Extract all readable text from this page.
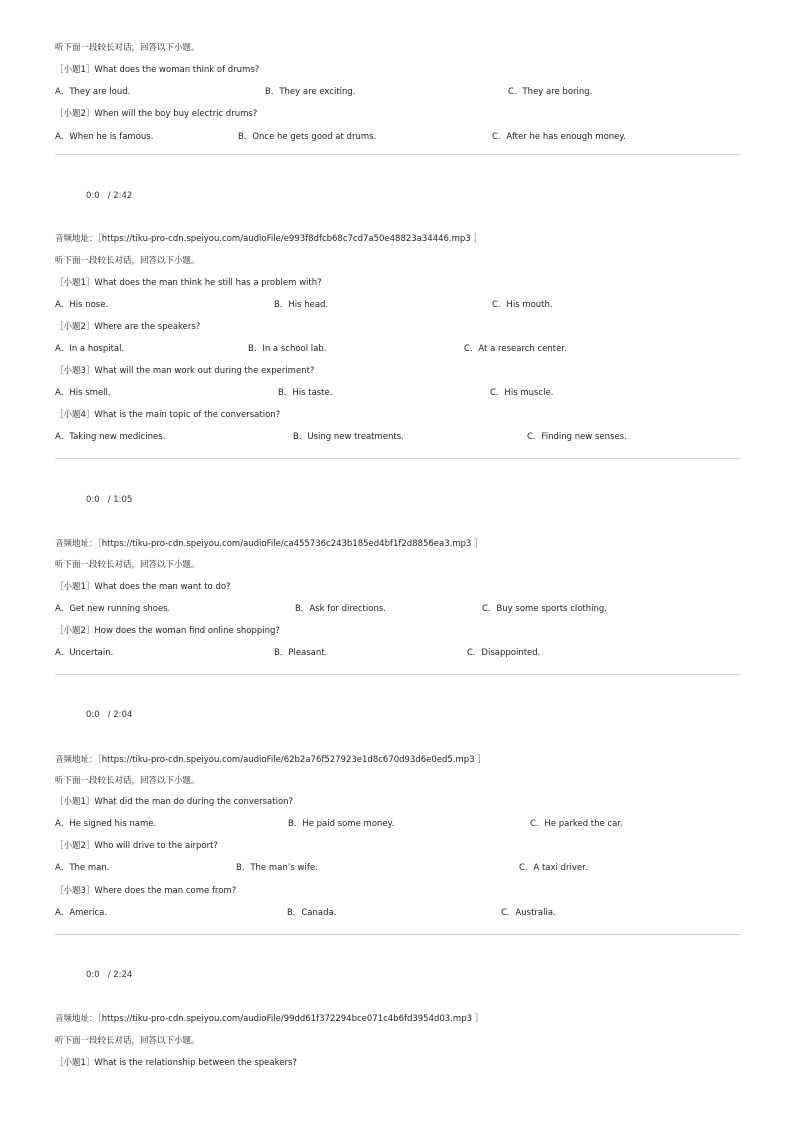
听下面一段较长对话，回答以下小题。
［小题1］What does the woman think of drums?
A．They are loud.	B．They are exciting.	C．They are boring.
［小题2］When will the boy buy electric drums?
A．When he is famous.	B．Once he gets good at drums.	C．After he has enough money.
0:0 / 2:42
音频地址：［https://tiku-pro-cdn.speiyou.com/audioFile/e993f8dfcb68c7cd7a50e48823a34446.mp3 ］
听下面一段较长对话，回答以下小题。
［小题1］What does the man think he still has a problem with?
A．His nose.	B．His head.	C．His mouth.
［小题2］Where are the speakers?
A．In a hospital.	B．In a school lab.	C．At a research center.
［小题3］What will the man work out during the experiment?
A．His smell.	B．His taste.	C．His muscle.
［小题4］What is the main topic of the conversation?
A．Taking new medicines.	B．Using new treatments.	C．Finding new senses.
0:0 / 1:05
音频地址：［https://tiku-pro-cdn.speiyou.com/audioFile/ca455736c243b185ed4bf1f2d8856ea3.mp3 ］
听下面一段较长对话，回答以下小题。
［小题1］What does the man want to do?
A．Get new running shoes.	B．Ask for directions.	C．Buy some sports clothing.
［小题2］How does the woman find online shopping?
A．Uncertain.	B．Pleasant.	C．Disappointed.
0:0 / 2:04
音频地址：［https://tiku-pro-cdn.speiyou.com/audioFile/62b2a76f527923e1d8c670d93d6e0ed5.mp3 ］
听下面一段较长对话，回答以下小题。
［小题1］What did the man do during the conversation?
A．He signed his name.	B．He paid some money.	C．He parked the car.
［小题2］Who will drive to the airport?
A．The man.	B．The man’s wife.	C．A taxi driver.
［小题3］Where does the man come from?
A．America.	B．Canada.	C．Australia.
0:0 / 2:24
音频地址：［https://tiku-pro-cdn.speiyou.com/audioFile/99dd61f372294bce071c4b6fd3954d03.mp3 ］
听下面一段较长对话，回答以下小题。
［小题1］What is the relationship between the speakers?
